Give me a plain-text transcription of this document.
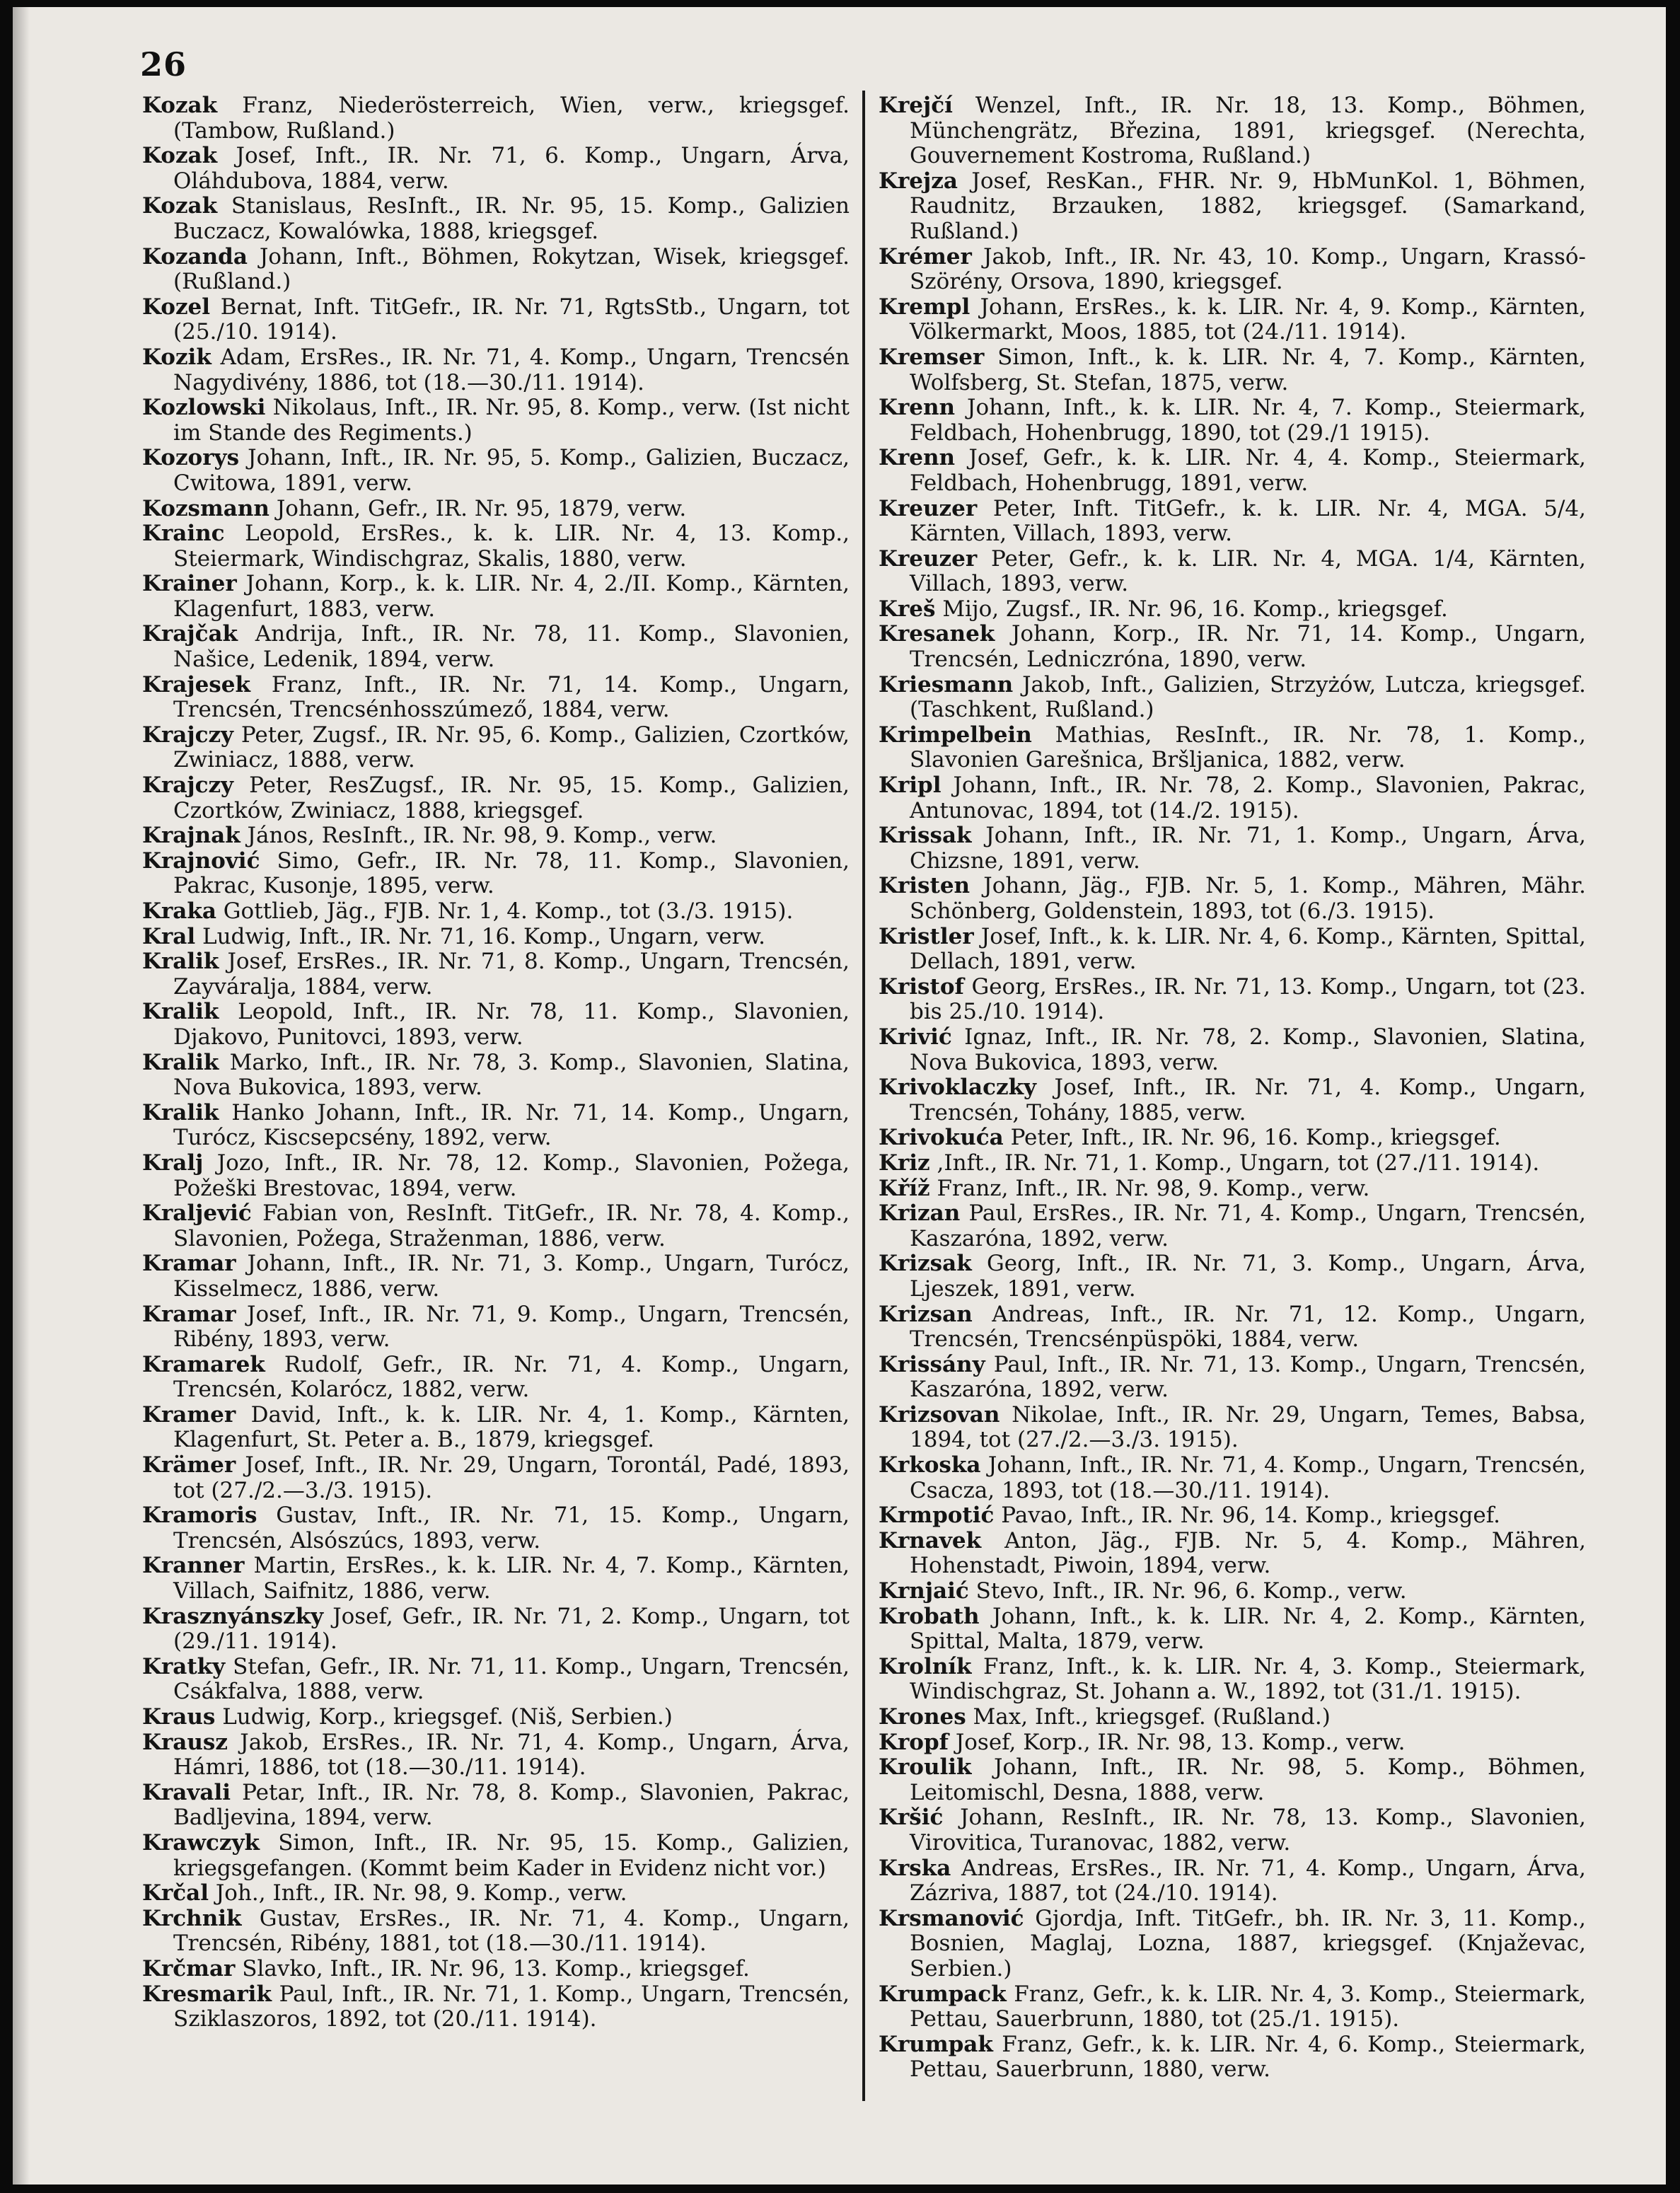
26

Kozak Franz, Niederösterreich, Wien, verw., kriegsgef. (Tambow, Rußland.)

Kozak Josef, Inft., IR. Nr. 71, 6. Komp., Ungarn, Árva, Oláhdubova, 1884, verw.

Kozak Stanislaus, ResInft., IR. Nr. 95, 15. Komp., Galizien Buczacz, Kowalówka, 1888, kriegsgef.

Kozanda Johann, Inft., Böhmen, Rokytzan, Wisek, kriegsgef. (Rußland.)

Kozel Bernat, Inft. TitGefr., IR. Nr. 71, RgtsStb., Ungarn, tot (25./10. 1914).

Kozik Adam, ErsRes., IR. Nr. 71, 4. Komp., Ungarn, Trencsén Nagydivény, 1886, tot (18.—30./11. 1914).

Kozlowski Nikolaus, Inft., IR. Nr. 95, 8. Komp., verw. (Ist nicht im Stande des Regiments.)

Kozorys Johann, Inft., IR. Nr. 95, 5. Komp., Galizien, Buczacz, Cwitowa, 1891, verw.

Kozsmann Johann, Gefr., IR. Nr. 95, 1879, verw.

Krainc Leopold, ErsRes., k. k. LIR. Nr. 4, 13. Komp., Steiermark, Windischgraz, Skalis, 1880, verw.

Krainer Johann, Korp., k. k. LIR. Nr. 4, 2./II. Komp., Kärnten, Klagenfurt, 1883, verw.

Krajčak Andrija, Inft., IR. Nr. 78, 11. Komp., Slavonien, Našice, Ledenik, 1894, verw.

Krajesek Franz, Inft., IR. Nr. 71, 14. Komp., Ungarn, Trencsén, Trencsénhosszúmező, 1884, verw.

Krajczy Peter, Zugsf., IR. Nr. 95, 6. Komp., Galizien, Czortków, Zwiniacz, 1888, verw.

Krajczy Peter, ResZugsf., IR. Nr. 95, 15. Komp., Galizien, Czortków, Zwiniacz, 1888, kriegsgef.

Krajnak János, ResInft., IR. Nr. 98, 9. Komp., verw.

Krajnović Simo, Gefr., IR. Nr. 78, 11. Komp., Slavonien, Pakrac, Kusonje, 1895, verw.

Kraka Gottlieb, Jäg., FJB. Nr. 1, 4. Komp., tot (3./3. 1915).

Kral Ludwig, Inft., IR. Nr. 71, 16. Komp., Ungarn, verw.

Kralik Josef, ErsRes., IR. Nr. 71, 8. Komp., Ungarn, Trencsén, Zayváralja, 1884, verw.

Kralik Leopold, Inft., IR. Nr. 78, 11. Komp., Slavonien, Djakovo, Punitovci, 1893, verw.

Kralik Marko, Inft., IR. Nr. 78, 3. Komp., Slavonien, Slatina, Nova Bukovica, 1893, verw.

Kralik Hanko Johann, Inft., IR. Nr. 71, 14. Komp., Ungarn, Turócz, Kiscsepcsény, 1892, verw.

Kralj Jozo, Inft., IR. Nr. 78, 12. Komp., Slavonien, Požega, Požeški Brestovac, 1894, verw.

Kraljević Fabian von, ResInft. TitGefr., IR. Nr. 78, 4. Komp., Slavonien, Požega, Straženman, 1886, verw.

Kramar Johann, Inft., IR. Nr. 71, 3. Komp., Ungarn, Turócz, Kisselmecz, 1886, verw.

Kramar Josef, Inft., IR. Nr. 71, 9. Komp., Ungarn, Trencsén, Ribény, 1893, verw.

Kramarek Rudolf, Gefr., IR. Nr. 71, 4. Komp., Ungarn, Trencsén, Kolarócz, 1882, verw.

Kramer David, Inft., k. k. LIR. Nr. 4, 1. Komp., Kärnten, Klagenfurt, St. Peter a. B., 1879, kriegsgef.

Krämer Josef, Inft., IR. Nr. 29, Ungarn, Torontál, Padé, 1893, tot (27./2.—3./3. 1915).

Kramoris Gustav, Inft., IR. Nr. 71, 15. Komp., Ungarn, Trencsén, Alsószúcs, 1893, verw.

Kranner Martin, ErsRes., k. k. LIR. Nr. 4, 7. Komp., Kärnten, Villach, Saifnitz, 1886, verw.

Krasznyánszky Josef, Gefr., IR. Nr. 71, 2. Komp., Ungarn, tot (29./11. 1914).

Kratky Stefan, Gefr., IR. Nr. 71, 11. Komp., Ungarn, Trencsén, Csákfalva, 1888, verw.

Kraus Ludwig, Korp., kriegsgef. (Niš, Serbien.)

Krausz Jakob, ErsRes., IR. Nr. 71, 4. Komp., Ungarn, Árva, Hámri, 1886, tot (18.—30./11. 1914).

Kravali Petar, Inft., IR. Nr. 78, 8. Komp., Slavonien, Pakrac, Badljevina, 1894, verw.

Krawczyk Simon, Inft., IR. Nr. 95, 15. Komp., Galizien, kriegsgefangen. (Kommt beim Kader in Evidenz nicht vor.)

Krčal Joh., Inft., IR. Nr. 98, 9. Komp., verw.

Krchnik Gustav, ErsRes., IR. Nr. 71, 4. Komp., Ungarn, Trencsén, Ribény, 1881, tot (18.—30./11. 1914).

Krčmar Slavko, Inft., IR. Nr. 96, 13. Komp., kriegsgef.

Kresmarik Paul, Inft., IR. Nr. 71, 1. Komp., Ungarn, Trencsén, Sziklaszoros, 1892, tot (20./11. 1914).

Krejčí Wenzel, Inft., IR. Nr. 18, 13. Komp., Böhmen, Münchengrätz, Březina, 1891, kriegsgef. (Nerechta, Gouvernement Kostroma, Rußland.)

Krejza Josef, ResKan., FHR. Nr. 9, HbMunKol. 1, Böhmen, Raudnitz, Brzauken, 1882, kriegsgef. (Samarkand, Rußland.)

Krémer Jakob, Inft., IR. Nr. 43, 10. Komp., Ungarn, Krassó-Szörény, Orsova, 1890, kriegsgef.

Krempl Johann, ErsRes., k. k. LIR. Nr. 4, 9. Komp., Kärnten, Völkermarkt, Moos, 1885, tot (24./11. 1914).

Kremser Simon, Inft., k. k. LIR. Nr. 4, 7. Komp., Kärnten, Wolfsberg, St. Stefan, 1875, verw.

Krenn Johann, Inft., k. k. LIR. Nr. 4, 7. Komp., Steiermark, Feldbach, Hohenbrugg, 1890, tot (29./1 1915).

Krenn Josef, Gefr., k. k. LIR. Nr. 4, 4. Komp., Steiermark, Feldbach, Hohenbrugg, 1891, verw.

Kreuzer Peter, Inft. TitGefr., k. k. LIR. Nr. 4, MGA. 5/4, Kärnten, Villach, 1893, verw.

Kreuzer Peter, Gefr., k. k. LIR. Nr. 4, MGA. 1/4, Kärnten, Villach, 1893, verw.

Kreš Mijo, Zugsf., IR. Nr. 96, 16. Komp., kriegsgef.

Kresanek Johann, Korp., IR. Nr. 71, 14. Komp., Ungarn, Trencsén, Ledniczróna, 1890, verw.

Kriesmann Jakob, Inft., Galizien, Strzyżów, Lutcza, kriegsgef. (Taschkent, Rußland.)

Krimpelbein Mathias, ResInft., IR. Nr. 78, 1. Komp., Slavonien Garešnica, Bršljanica, 1882, verw.

Kripl Johann, Inft., IR. Nr. 78, 2. Komp., Slavonien, Pakrac, Antunovac, 1894, tot (14./2. 1915).

Krissak Johann, Inft., IR. Nr. 71, 1. Komp., Ungarn, Árva, Chizsne, 1891, verw.

Kristen Johann, Jäg., FJB. Nr. 5, 1. Komp., Mähren, Mähr. Schönberg, Goldenstein, 1893, tot (6./3. 1915).

Kristler Josef, Inft., k. k. LIR. Nr. 4, 6. Komp., Kärnten, Spittal, Dellach, 1891, verw.

Kristof Georg, ErsRes., IR. Nr. 71, 13. Komp., Ungarn, tot (23. bis 25./10. 1914).

Krivić Ignaz, Inft., IR. Nr. 78, 2. Komp., Slavonien, Slatina, Nova Bukovica, 1893, verw.

Krivoklaczky Josef, Inft., IR. Nr. 71, 4. Komp., Ungarn, Trencsén, Tohány, 1885, verw.

Krivokuća Peter, Inft., IR. Nr. 96, 16. Komp., kriegsgef.

Kriz ,Inft., IR. Nr. 71, 1. Komp., Ungarn, tot (27./11. 1914).

Kříž Franz, Inft., IR. Nr. 98, 9. Komp., verw.

Krizan Paul, ErsRes., IR. Nr. 71, 4. Komp., Ungarn, Trencsén, Kaszaróna, 1892, verw.

Krizsak Georg, Inft., IR. Nr. 71, 3. Komp., Ungarn, Árva, Ljeszek, 1891, verw.

Krizsan Andreas, Inft., IR. Nr. 71, 12. Komp., Ungarn, Trencsén, Trencsénpüspöki, 1884, verw.

Krissány Paul, Inft., IR. Nr. 71, 13. Komp., Ungarn, Trencsén, Kaszaróna, 1892, verw.

Krizsovan Nikolae, Inft., IR. Nr. 29, Ungarn, Temes, Babsa, 1894, tot (27./2.—3./3. 1915).

Krkoska Johann, Inft., IR. Nr. 71, 4. Komp., Ungarn, Trencsén, Csacza, 1893, tot (18.—30./11. 1914).

Krmpotić Pavao, Inft., IR. Nr. 96, 14. Komp., kriegsgef.

Krnavek Anton, Jäg., FJB. Nr. 5, 4. Komp., Mähren, Hohenstadt, Piwoin, 1894, verw.

Krnjaić Stevo, Inft., IR. Nr. 96, 6. Komp., verw.

Krobath Johann, Inft., k. k. LIR. Nr. 4, 2. Komp., Kärnten, Spittal, Malta, 1879, verw.

Krolník Franz, Inft., k. k. LIR. Nr. 4, 3. Komp., Steiermark, Windischgraz, St. Johann a. W., 1892, tot (31./1. 1915).

Krones Max, Inft., kriegsgef. (Rußland.)

Kropf Josef, Korp., IR. Nr. 98, 13. Komp., verw.

Kroulik Johann, Inft., IR. Nr. 98, 5. Komp., Böhmen, Leitomischl, Desna, 1888, verw.

Kršić Johann, ResInft., IR. Nr. 78, 13. Komp., Slavonien, Virovitica, Turanovac, 1882, verw.

Krska Andreas, ErsRes., IR. Nr. 71, 4. Komp., Ungarn, Árva, Zázriva, 1887, tot (24./10. 1914).

Krsmanović Gjordja, Inft. TitGefr., bh. IR. Nr. 3, 11. Komp., Bosnien, Maglaj, Lozna, 1887, kriegsgef. (Knjaževac, Serbien.)

Krumpack Franz, Gefr., k. k. LIR. Nr. 4, 3. Komp., Steiermark, Pettau, Sauerbrunn, 1880, tot (25./1. 1915).

Krumpak Franz, Gefr., k. k. LIR. Nr. 4, 6. Komp., Steiermark, Pettau, Sauerbrunn, 1880, verw.
